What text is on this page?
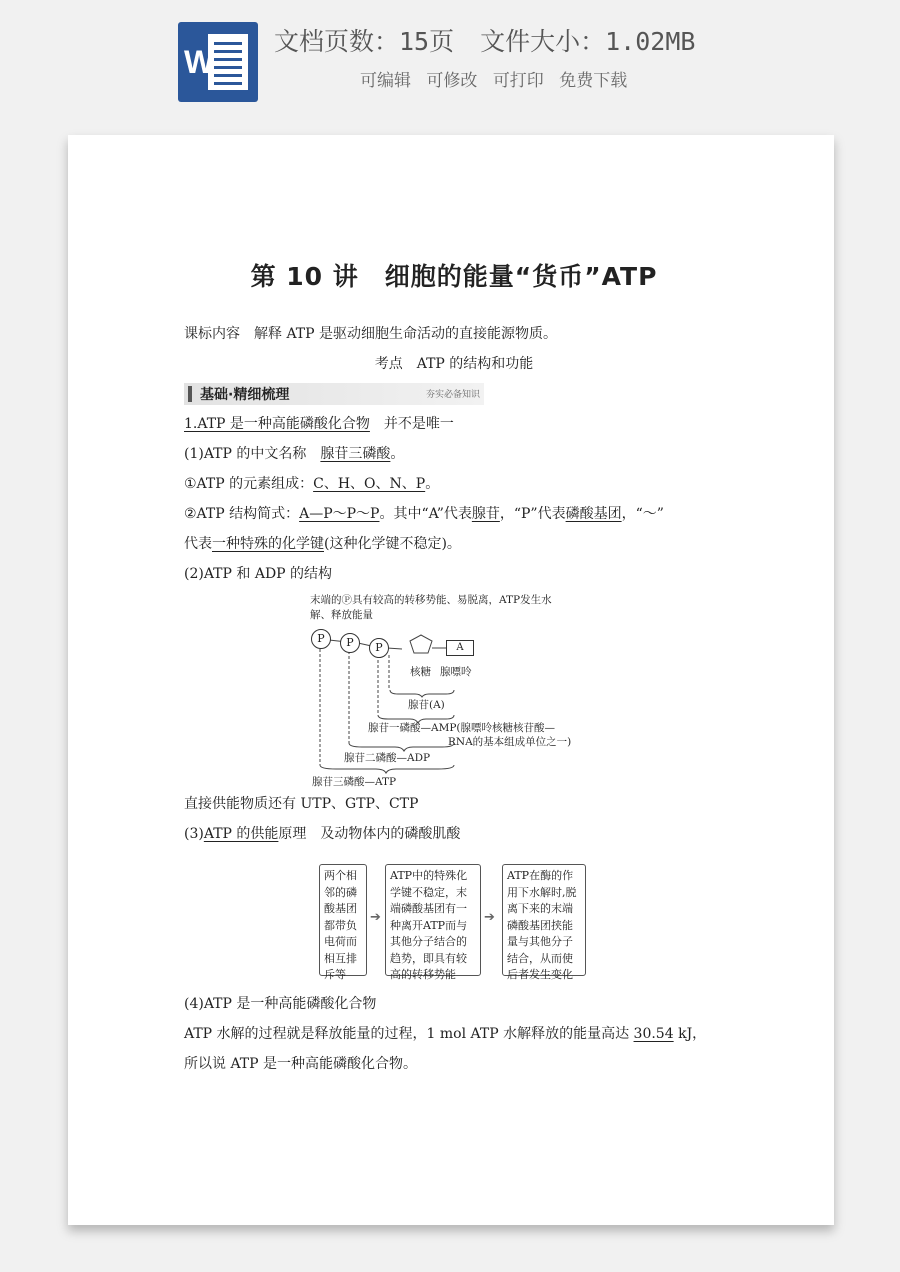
W
文档页数：15页 文件大小：1.02MB
可编辑 可修改 可打印 免费下载
第 10 讲　细胞的能量“货币”ATP
课标内容　解释 ATP 是驱动细胞生命活动的直接能源物质。
考点　ATP 的结构和功能
基础·精细梳理	夯实必备知识
1.ATP 是一种高能磷酸化合物　 并不是唯一
(1)ATP 的中文名称　腺苷三磷酸。
①ATP 的元素组成：C、H、O、N、P。
②ATP 结构简式：A—P～P～P。其中“A”代表腺苷，“P”代表磷酸基团，“～”
代表一种特殊的化学键(这种化学键不稳定)。
(2)ATP 和 ADP 的结构
末端的Ⓟ具有较高的转移势能、易脱离，ATP发生水
解、释放能量
P	P	P	A
核糖 腺嘌呤
腺苷(A)
腺苷一磷酸—AMP(腺嘌呤核糖核苷酸—
RNA的基本组成单位之一)
腺苷二磷酸—ADP
腺苷三磷酸—ATP
直接供能物质还有 UTP、GTP、CTP
(3)ATP 的供能原理　 及动物体内的磷酸肌酸
两个相
邻的磷
酸基团
都带负
电荷而
相互排
斥等
➔
ATP中的特殊化
学键不稳定，末
端磷酸基团有一
种离开ATP而与
其他分子结合的
趋势，即具有较
高的转移势能
➔
ATP在酶的作
用下水解时,脱
离下来的末端
磷酸基团挟能
量与其他分子
结合，从而使
后者发生变化
(4)ATP 是一种高能磷酸化合物
ATP 水解的过程就是释放能量的过程，1 mol ATP 水解释放的能量高达 30.54 kJ，
所以说 ATP 是一种高能磷酸化合物。
